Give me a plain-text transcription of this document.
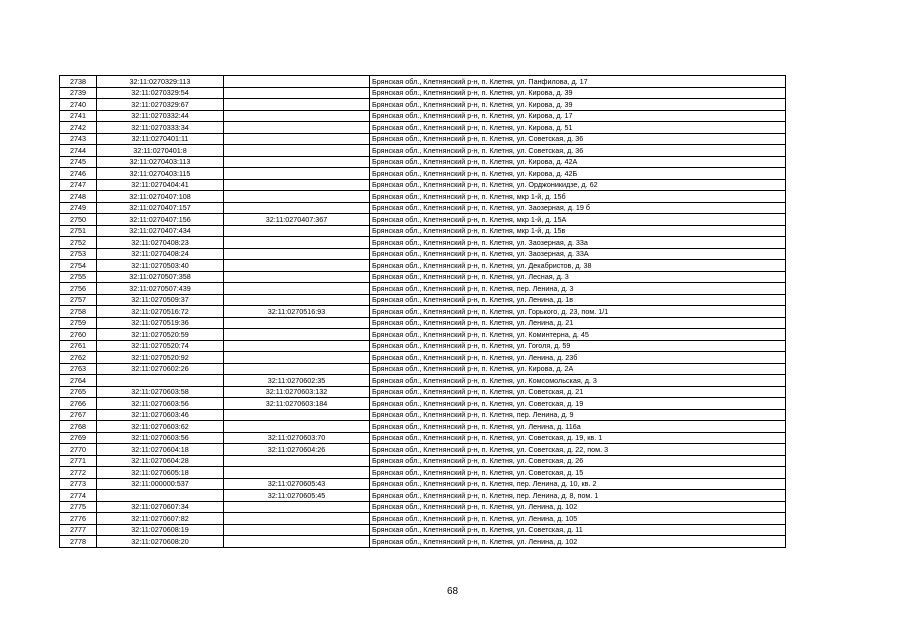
2738	32:11:0270329:113		Брянская обл., Клетнянский р-н, п. Клетня, ул. Панфилова, д. 17
2739	32:11:0270329:54		Брянская обл., Клетнянский р-н, п. Клетня, ул. Кирова, д. 39
2740	32:11:0270329:67		Брянская обл., Клетнянский р-н, п. Клетня, ул. Кирова, д. 39
2741	32:11:0270332:44		Брянская обл., Клетнянский р-н, п. Клетня, ул. Кирова, д. 17
2742	32:11:0270333:34		Брянская обл., Клетнянский р-н, п. Клетня, ул. Кирова, д. 51
2743	32:11:0270401:11		Брянская обл., Клетнянский р-н, п. Клетня, ул. Советская, д. 36
2744	32:11:0270401:8		Брянская обл., Клетнянский р-н, п. Клетня, ул. Советская, д. 36
2745	32:11:0270403:113		Брянская обл., Клетнянский р-н, п. Клетня, ул. Кирова, д. 42А
2746	32:11:0270403:115		Брянская обл., Клетнянский р-н, п. Клетня, ул. Кирова, д. 42Б
2747	32:11:0270404:41		Брянская обл., Клетнянский р-н, п. Клетня, ул. Орджоникидзе, д. 62
2748	32:11:0270407:108		Брянская обл., Клетнянский р-н, п. Клетня, мкр 1-й, д. 15б
2749	32:11:0270407:157		Брянская обл., Клетнянский р-н, п. Клетня, ул. Заозерная, д. 19 б
2750	32:11:0270407:156	32:11:0270407:367	Брянская обл., Клетнянский р-н, п. Клетня, мкр 1-й, д. 15А
2751	32:11:0270407:434		Брянская обл., Клетнянский р-н, п. Клетня, мкр 1-й, д. 15в
2752	32:11:0270408:23		Брянская обл., Клетнянский р-н, п. Клетня, ул. Заозерная, д. 33а
2753	32:11:0270408:24		Брянская обл., Клетнянский р-н, п. Клетня, ул. Заозерная, д. 33А
2754	32:11:0270503:40		Брянская обл., Клетнянский р-н, п. Клетня, ул. Декабристов, д. 38
2755	32:11:0270507:358		Брянская обл., Клетнянский р-н, п. Клетня, ул. Лесная, д. 3
2756	32:11:0270507:439		Брянская обл., Клетнянский р-н, п. Клетня, пер. Ленина, д. 3
2757	32:11:0270509:37		Брянская обл., Клетнянский р-н, п. Клетня, ул. Ленина, д. 1в
2758	32:11:0270516:72	32:11:0270516:93	Брянская обл., Клетнянский р-н, п. Клетня, ул. Горького, д. 23, пом. 1/1
2759	32:11:0270519:36		Брянская обл., Клетнянский р-н, п. Клетня, ул. Ленина, д. 21
2760	32:11:0270520:59		Брянская обл., Клетнянский р-н, п. Клетня, ул. Коминтерна, д. 45
2761	32:11:0270520:74		Брянская обл., Клетнянский р-н, п. Клетня, ул. Гоголя, д. 59
2762	32:11:0270520:92		Брянская обл., Клетнянский р-н, п. Клетня, ул. Ленина, д. 23б
2763	32:11:0270602:26		Брянская обл., Клетнянский р-н, п. Клетня, ул. Кирова, д. 2А
2764		32:11:0270602:35	Брянская обл., Клетнянский р-н, п. Клетня, ул. Комсомольская, д. 3
2765	32:11:0270603:58	32:11:0270603:132	Брянская обл., Клетнянский р-н, п. Клетня, ул. Советская, д. 21
2766	32:11:0270603:56	32:11:0270603:184	Брянская обл., Клетнянский р-н, п. Клетня, ул. Советская, д. 19
2767	32:11:0270603:46		Брянская обл., Клетнянский р-н, п. Клетня, пер. Ленина, д. 9
2768	32:11:0270603:62		Брянская обл., Клетнянский р-н, п. Клетня, ул. Ленина, д. 116а
2769	32:11:0270603:56	32:11:0270603:70	Брянская обл., Клетнянский р-н, п. Клетня, ул. Советская, д. 19, кв. 1
2770	32:11:0270604:18	32:11:0270604:26	Брянская обл., Клетнянский р-н, п. Клетня, ул. Советская, д. 22, пом. 3
2771	32:11:0270604:28		Брянская обл., Клетнянский р-н, п. Клетня, ул. Советская, д. 26
2772	32:11:0270605:18		Брянская обл., Клетнянский р-н, п. Клетня, ул. Советская, д. 15
2773	32:11:000000:537	32:11:0270605:43	Брянская обл., Клетнянский р-н, п. Клетня, пер. Ленина, д. 10, кв. 2
2774		32:11:0270605:45	Брянская обл., Клетнянский р-н, п. Клетня, пер. Ленина, д. 8, пом. 1
2775	32:11:0270607:34		Брянская обл., Клетнянский р-н, п. Клетня, ул. Ленина, д. 102
2776	32:11:0270607:82		Брянская обл., Клетнянский р-н, п. Клетня, ул. Ленина, д. 105
2777	32:11:0270608:19		Брянская обл., Клетнянский р-н, п. Клетня, ул. Советская, д. 11
2778	32:11:0270608:20		Брянская обл., Клетнянский р-н, п. Клетня, ул. Ленина, д. 102
68
